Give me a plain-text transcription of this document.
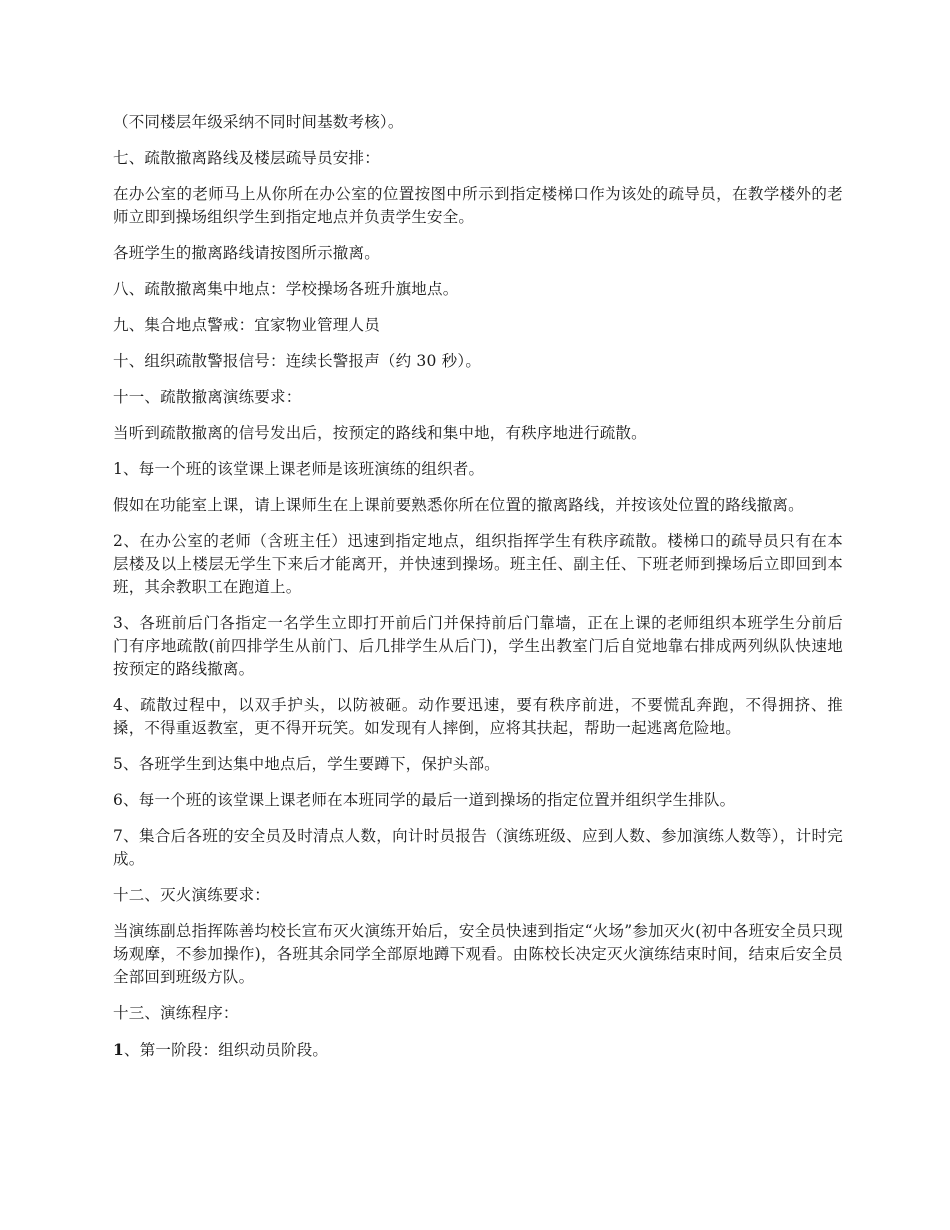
（不同楼层年级采纳不同时间基数考核）。

七、疏散撤离路线及楼层疏导员安排：

在办公室的老师马上从你所在办公室的位置按图中所示到指定楼梯口作为该处的疏导员，在教学楼外的老师立即到操场组织学生到指定地点并负责学生安全。

各班学生的撤离路线请按图所示撤离。

八、疏散撤离集中地点：学校操场各班升旗地点。

九、集合地点警戒：宜家物业管理人员

十、组织疏散警报信号：连续长警报声（约 30 秒）。

十一、疏散撤离演练要求：

当听到疏散撤离的信号发出后，按预定的路线和集中地，有秩序地进行疏散。

1、每一个班的该堂课上课老师是该班演练的组织者。

假如在功能室上课，请上课师生在上课前要熟悉你所在位置的撤离路线，并按该处位置的路线撤离。

2、在办公室的老师（含班主任）迅速到指定地点，组织指挥学生有秩序疏散。楼梯口的疏导员只有在本层楼及以上楼层无学生下来后才能离开，并快速到操场。班主任、副主任、下班老师到操场后立即回到本班，其余教职工在跑道上。

3、各班前后门各指定一名学生立即打开前后门并保持前后门靠墙，正在上课的老师组织本班学生分前后门有序地疏散(前四排学生从前门、后几排学生从后门)，学生出教室门后自觉地靠右排成两列纵队快速地按预定的路线撤离。

4、疏散过程中，以双手护头，以防被砸。动作要迅速，要有秩序前进，不要慌乱奔跑，不得拥挤、推搡，不得重返教室，更不得开玩笑。如发现有人摔倒，应将其扶起，帮助一起逃离危险地。

5、各班学生到达集中地点后，学生要蹲下，保护头部。

6、每一个班的该堂课上课老师在本班同学的最后一道到操场的指定位置并组织学生排队。

7、集合后各班的安全员及时清点人数，向计时员报告（演练班级、应到人数、参加演练人数等），计时完成。

十二、灭火演练要求：

当演练副总指挥陈善均校长宣布灭火演练开始后，安全员快速到指定“火场”参加灭火(初中各班安全员只现场观摩，不参加操作)，各班其余同学全部原地蹲下观看。由陈校长决定灭火演练结束时间，结束后安全员全部回到班级方队。

十三、演练程序：

1、第一阶段：组织动员阶段。
